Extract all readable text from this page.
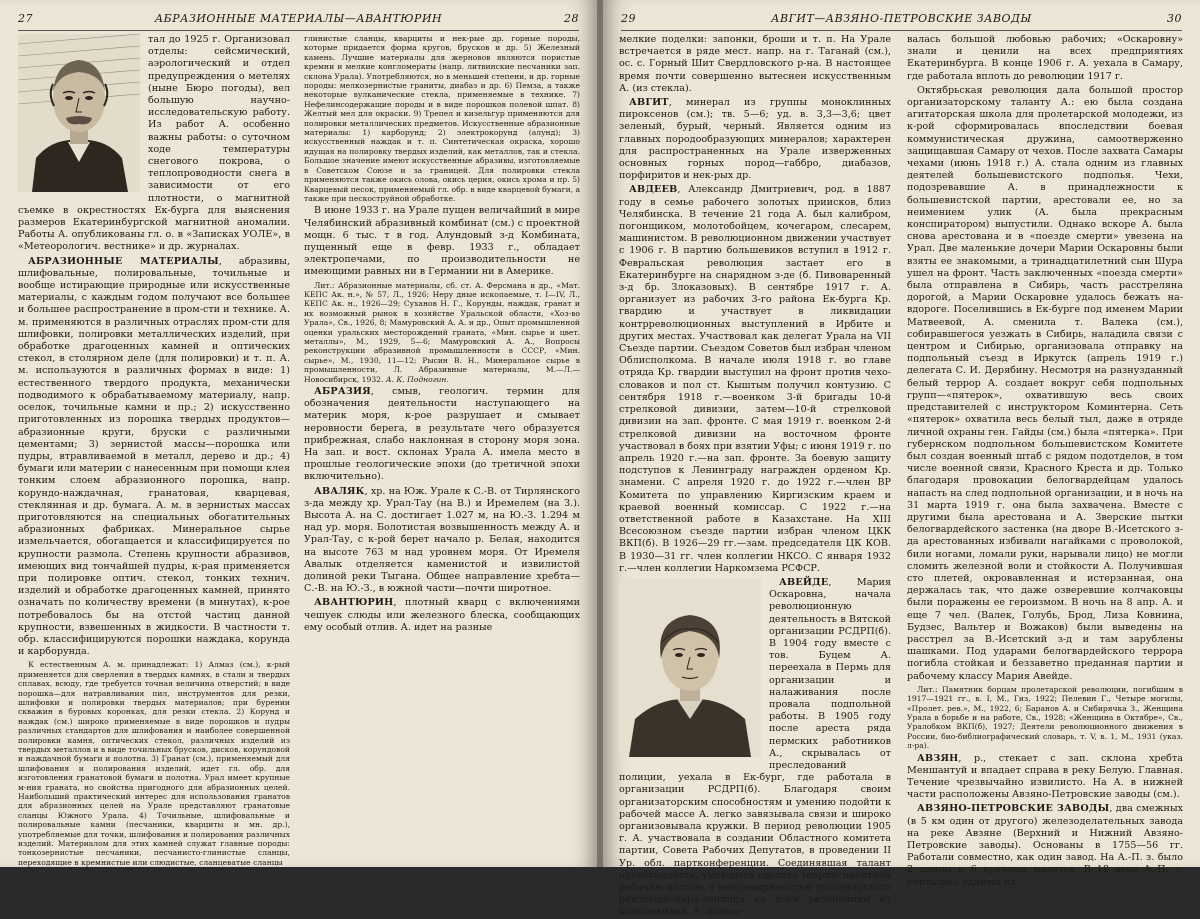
27	АБРАЗИОННЫЕ МАТЕРИАЛЫ—АВАНТЮРИН	28

тал до 1925 г. Организовал отделы: сейсмический, аэрологический и отдел предупреждения о метелях (ныне Бюро погоды), вел большую научно-исследовательскую работу. Из работ А. особенно важны работы: о суточном ходе температуры снегового покрова, о теплопроводности снега в зависимости от его плотности, о магнитной съемке в окрестностях Ек-бурга для выяснения размеров Екатеринбургской магнитной аномалии. Работы А. опубликованы гл. о. в «Записках УОЛЕ», в «Метеорологич. вестнике» и др. журналах.

АБРАЗИОННЫЕ МАТЕРИАЛЫ, абразивы, шлифовальные, полировальные, точильные и вообще истирающие природные или искусственные материалы, с каждым годом получают все большее и большее распространение в пром-сти и технике. А. м. применяются в различных отраслях пром-сти для шлифовки, полировки металлических изделий, при обработке драгоценных камней и оптических стекол, в столярном деле (для полировки) и т. п. А. м. используются в различных формах в виде: 1) естественного твердого продукта, механически подводимого к обрабатываемому материалу, напр. оселок, точильные камни и пр.; 2) искусственно приготовленных из порошка твердых продуктов—абразионные круги, бруски с различными цементами; 3) зернистой массы—порошка или пудры, втравливаемой в металл, дерево и др.; 4) бумаги или материи с нанесенным при помощи клея тонким слоем абразионного порошка, напр. корундо-наждачная, гранатовая, кварцевая, стеклянная и др. бумага. А. м. в зернистых массах приготовляются на специальных обогатительных абразионных фабриках. Минеральное сырье измельчается, обогащается и классифицируется по крупности размола. Степень крупности абразивов, имеющих вид тончайшей пудры, к-рая применяется при полировке оптич. стекол, тонких технич. изделий и обработке драгоценных камней, принято означать по количеству времени (в минутах), к-рое потребовалось бы на отстой частиц данной крупности, взвешенных в жидкости. В частности т. обр. классифицируются порошки наждака, корунда и карборунда.

К естественным А. м. принадлежат: 1) Алмаз (см.), к-рый применяется для сверления в твердых камнях, в стали и твердых сплавах, всюду, где требуется точная величина отверстий; в виде порошка—для натравливания пил, инструментов для резки, шлифовки и полировки твердых материалов; при бурении скважин в буровых коронках, для резки стекла. 2) Корунд и наждак (см.) широко применяемые в виде порошков и пудры различных стандартов для шлифования и наиболее совершенной полировки камня, оптических стекол, различных изделий из твердых металлов и в виде точильных брусков, дисков, корундовой и наждачной бумаги и полотна. 3) Гранат (см.), применяемый для шлифования и полирования изделий, идет гл. обр. для изготовления гранатовой бумаги и полотна. Урал имеет крупные м-ния граната, но свойства пригодного для абразионных целей. Наибольший практический интерес для использования гранатов для абразионных целей на Урале представляют гранатовые сланцы Южного Урала. 4) Точильные, шлифовальные и полировальные камни (песчаники, кварциты и мн. др.), употребляемые для точки, шлифования и полирования различных изделий. Материалом для этих камней служат главные породы: тонкозернистые песчаники, песчанисто-глинистые сланцы, переходящие в кремнистые или слюдистые, сланцеватые сланцы

глинистые сланцы, кварциты и нек-рые др. горные породы, которые придается форма кругов, брусков и др. 5) Железный камень. Лучшие материалы для жерновов являются пористые кремни и мелкие конгломераты (напр. литвинские песчаники зап. склона Урала). Употребляются, но в меньшей степени, и др. горные породы: мелкозернистые граниты, диабаз и др. 6) Пемза, а также некоторые вулканические стекла, применяемые в технике. 7) Нефелинсодержащие породы и в виде порошков полевой шпат. 8) Желтый мел для окраски. 9) Трепел и кизельгур применяются для полировки металлических предметов. Искусственные абразионные материалы: 1) карборунд; 2) электрокорунд (алунд); 3) искусственный наждак и т. п. Синтетическая окраска, хорошо идущая на полировку твердых изделий, как металлов, так и стекла. Большое значение имеют искусственные абразивы, изготовляемые в Советском Союзе и за границей. Для полировки стекла применяются также окись олова, окись церия, окись хрома и пр. 5) Кварцевый песок, применяемый гл. обр. в виде кварцевой бумаги, а также при пескоструйной обработке.

В июне 1933 г. на Урале пущен величайший в мире Челябинский абразивный комбинат (см.) с проектной мощн. 6 тыс. т в год. Алундовый з-д Комбината, пущенный еще в февр. 1933 г., обладает электропечами, по производительности не имеющими равных ни в Германии ни в Америке.

Лит.: Абразионные материалы, сб. ст. А. Ферсмана и др., «Мат. КЕПС Ак. н.», № 57, Л., 1926; Неру дные ископаемые, т. I—IV, Л., КЕПС Ак. н., 1926—29; Суханов Н. Г., Корунды, наждак, гранат и их возможный рынок в хозяйстве Уральской области, «Хоз-во Урала», Св., 1926, 8; Мамуровский А. А. и др., Опыт промышленной оценки уральских месторождений граната, «Мин. сырье и цвет. металлы», М., 1929, 5—6; Мамуровский А. А., Вопросы реконструкции абразивной промышленности в СССР, «Мин. сырье», М., 1930, 11—12; Рысин В. Н., Минеральное сырье в промышленности, Л. Абразивные материалы, М.—Л.—Новосибирск, 1932. А. К. Подногин.

АБРАЗИЯ, смыв, геологич. термин для обозначения деятельности наступающего на материк моря, к-рое разрушает и смывает неровности берега, в результате чего образуется прибрежная, слабо наклонная в сторону моря зона. На зап. и вост. склонах Урала А. имела место в прошлые геологические эпохи (до третичной эпохи включительно).

АВАЛЯК, хр. на Юж. Урале к С.-В. от Тирлянского з-да между хр. Урал-Тау (на В.) и Иремелем (на З.). Высота А. на С. достигает 1.027 м, на Ю.-З. 1.294 м над ур. моря. Болотистая возвышенность между А. и Урал-Тау, с к-рой берет начало р. Белая, находится на высоте 763 м над уровнем моря. От Иремеля Авалык отделяется каменистой и извилистой долиной реки Тыгана. Общее направление хребта—С.-В. на Ю.-З., в южной части—почти широтное.

АВАНТЮРИН, плотный кварц с включениями чешуек слюды или железного блеска, сообщающих ему особый отлив. А. идет на разные

29	АВГИТ—АВЗЯНО-ПЕТРОВСКИЕ ЗАВОДЫ	30

мелкие поделки: запонки, броши и т. п. На Урале встречается в ряде мест. напр. на г. Таганай (см.), ос. с. Горный Шит Свердловского р-на. В настоящее время почти совершенно вытеснен искусственным А. (из стекла).

АВГИТ, минерал из группы моноклинных пироксенов (см.); тв. 5—6; уд. в. 3,3—3,6; цвет зеленый, бурый, черный. Является одним из главных породообразующих минералов; характерен для распространенных на Урале изверженных основных горных пород—габбро, диабазов, порфиритов и нек-рых др.

АВДЕЕВ, Александр Дмитриевич, род. в 1887 году в семье рабочего золотых приисков, близ Челябинска. В течение 21 года А. был калибром, погонщиком, молотобойцем, кочегаром, слесарем, машинистом. В революционном движении участвует с 1906 г. В партию большевиков вступил в 1912 г. Февральская революция застает его в Екатеринбурге на снарядном з-де (б. Пивоваренный з-д бр. Злоказовых). В сентябре 1917 г. А. организует из рабочих 3-го района Ек-бурга Кр. гвардию и участвует в ликвидации контрреволюционных выступлений в Ирбите и других местах. Участвовал как делегат Урала на VII Съезде партии. Съездом Советов был избран членом Облисполкома. В начале июля 1918 г. во главе отряда Кр. гвардии выступил на фронт против чехо-словаков и пол ст. Кыштым получил контузию. С сентября 1918 г.—военком 3-й бригады 10-й стрелковой дивизии, затем—10-й стрелковой дивизии на зап. фронте. С мая 1919 г. военком 2-й стрелковой дивизии на восточном фронте участвовал в боях при взятии Уфы; с июня 1919 г. по апрель 1920 г.—на зап. фронте. За боевую защиту подступов к Ленинграду награжден орденом Кр. знамени. С апреля 1920 г. до 1922 г.—член ВР Комитета по управлению Киргизским краем и краевой военный комиссар. С 1922 г.—на ответственной работе в Казахстане. На XIII Всесоюзном съезде партии избран членом ЦКК ВКП(б). В 1926—29 гг.—зам. председателя ЦК КОВ. В 1930—31 гг. член коллегии НКСО. С января 1932 г.—член коллегии Наркомзема РСФСР.

АВЕЙДЕ, Мария Оскаровна, начала революционную деятельность в Вятской организации РСДРП(б). В 1904 году вместе с тов. Буцем А. переехала в Пермь для организации и налаживания после провала подпольной работы. В 1905 году после ареста ряда пермских работников А., скрывалась от преследований полиции, уехала в Ек-бург, где работала в организации РСДРП(б). Благодаря своим организаторским способностям и умению подойти к рабочей массе А. легко завязывала связи и широко организовывала кружки. В период революции 1905 г. А. участвовала в создании Областного комитета партии, Совета Рабочих Депутатов, в проведении II Ур. обл. партконференции. Соединявшая талант пропагандиста, умеющего сделать теорию понятной рабочим массам, с непримиримостью пролетарского революционера-ленинца ко всем уклонениям от большевизма, А. пользо-

валась большой любовью рабочих; «Оскаровну» знали и ценили на всех предприятиях Екатеринбурга. В конце 1906 г. А. уехала в Самару, где работала вплоть до революции 1917 г.

Октябрьская революция дала большой простор организаторскому таланту А.: ею была создана агитаторская школа для пролетарской молодежи, из к-рой сформировалась впоследствии боевая коммунистическая дружина, самоотверженно защищавшая Самару от чехов. После захвата Самары чехами (июнь 1918 г.) А. стала одним из главных деятелей большевистского подполья. Чехи, подозревавшие А. в принадлежности к большевистской партии, арестовали ее, но за неимением улик (А. была прекрасным конспиратором) выпустили. Однако вскоре А. была снова арестована и в «поезде смерти» увезена на Урал. Две маленькие дочери Марии Оскаровны были взяты ее знакомыми, а тринадцатилетний сын Шура ушел на фронт. Часть заключенных «поезда смерти» была отправлена в Сибирь, часть расстреляна дорогой, а Марии Оскаровне удалось бежать на-вдороге. Поселившись в Ек-бурге под именем Марии Матвеевой, А. сменила т. Валека (см.), собиравшегося уезжать в Сибирь, наладила связи с центром и Сибирью, организовала отправку на подпольный съезд в Иркутск (апрель 1919 г.) делегата С. И. Дерябину. Несмотря на разнузданный белый террор А. создает вокруг себя подпольных групп—«пятерок», охватившую весь своих представителей с инструктором Коминтерна. Сеть «пятерок» охватила весь белый тыл, даже в отряде личной охраны ген. Гайды (см.) была «пятерка». При губернском подпольном большевистском Комитете был создан военный штаб с рядом подотделов, в том числе военной связи, Красного Креста и др. Только благодаря провокации белогвардейцам удалось напасть на след подпольной организации, и в ночь на 31 марта 1919 г. она была захвачена. Вместе с другими была арестована и А. Зверские пытки белогвардейского застенка (на дворе В.-Исетского з-да арестованных избивали нагайками с проволокой, били ногами, ломали руки, нарывали лицо) не могли сломить железной воли и стойкости А. Получившая сто плетей, окровавленная и истерзанная, она держалась так, что даже озверевшие колчаковцы были поражены ее героизмом. В ночь на 8 апр. А. и еще 7 чел. (Валек, Голубь, Брод, Лиза Ковнина, Будзес, Вальтер и Вожаков) были выведены на расстрел за В.-Исетский з-д и там зарублены шашками. Под ударами белогвардейского террора погибла стойкая и беззаветно преданная партии и рабочему классу Мария Авейде.

Лит.: Памятник борцам пролетарской революции, погибшим в 1917—1921 гг., в. I, М., Гиз, 1922; Пелевин Г., Четыре могилы, «Пролет. рев.», М., 1922, 6; Баранов А. и Сибирячка З., Женщина Урала в борьбе и на работе, Св., 1928; «Женщина в Октябре», Св., Уралобком ВКП(б), 1927; Деятели революционного движения в России, био-библиографический словарь, т. V, в. 1, М., 1931 (указ. л-ра).

АВЗЯН, р., стекает с зап. склона хребта Меншантуй и впадает справа в реку Белую. Главная. Течение чрезвычайно извилисто. На А. в нижней части расположены Авзяно-Петровские заводы (см.).

АВЗЯНО-ПЕТРОВСКИЕ ЗАВОДЫ, два смежных (в 5 км один от другого) железоделательных завода на реке Авзяне (Верхний и Нижний Авзяно-Петровские заводы). Основаны в 1755—56 гг. Работали совместно, как один завод. На А.-П. з. было 2 домны и 6 кричных молотов. В 18 веке А.-П. з. считались одними из
